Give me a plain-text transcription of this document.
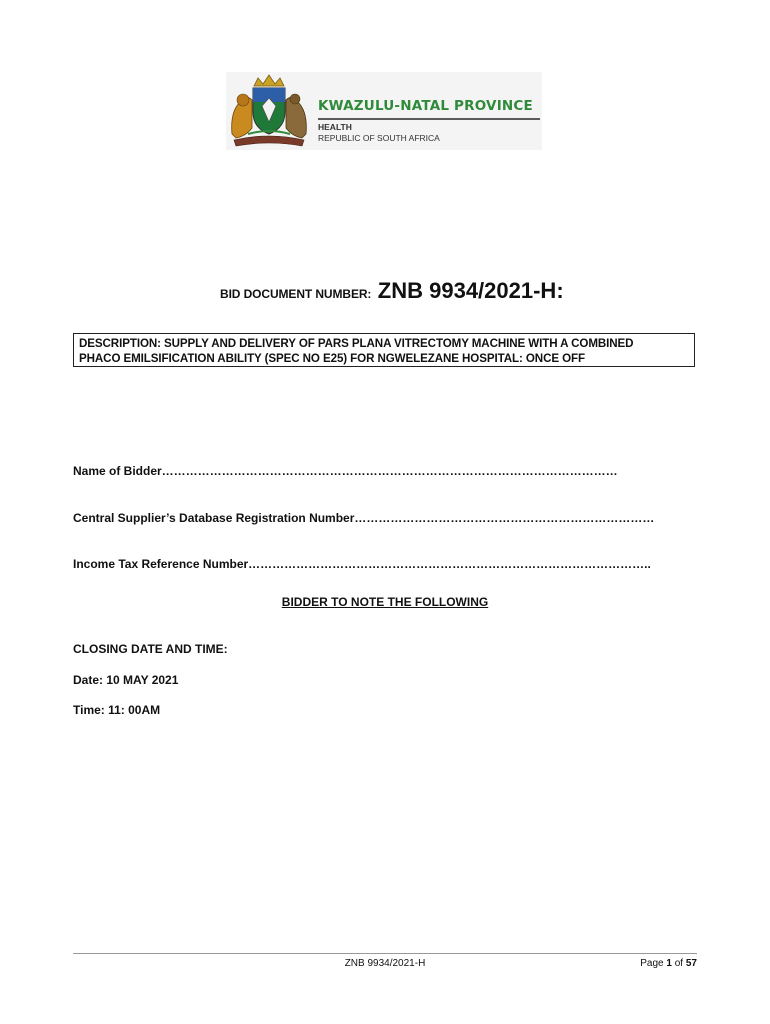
KWAZULU-NATAL PROVINCE
HEALTH
REPUBLIC OF SOUTH AFRICA
BID DOCUMENT NUMBER: ZNB 9934/2021-H:
DESCRIPTION: SUPPLY AND DELIVERY OF PARS PLANA VITRECTOMY MACHINE WITH A COMBINED
PHACO EMILSIFICATION ABILITY (SPEC NO E25) FOR NGWELEZANE HOSPITAL: ONCE OFF
Name of Bidder……………………………………………………………………………………………………
Central Supplier’s Database Registration Number…………………………………………………………………
Income Tax Reference Number………………………………………………………………………………………..
BIDDER TO NOTE THE FOLLOWING
CLOSING DATE AND TIME:
Date: 10 MAY 2021
Time: 11: 00AM
ZNB 9934/2021-H	Page 1 of 57
